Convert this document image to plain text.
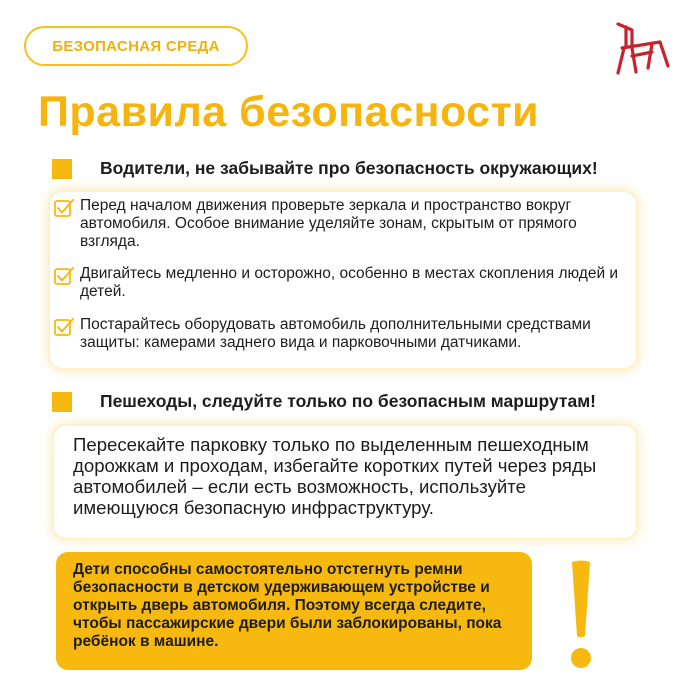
БЕЗОПАСНАЯ СРЕДА
Правила безопасности
Водители, не забывайте про безопасность окружающих!
Перед началом движения проверьте зеркала и пространство вокруг автомобиля. Особое внимание уделяйте зонам, скрытым от прямого взгляда.
Двигайтесь медленно и осторожно, особенно в местах скопления людей и детей.
Постарайтесь оборудовать автомобиль дополнительными средствами защиты: камерами заднего вида и парковочными датчиками.
Пешеходы, следуйте только по безопасным маршрутам!
Пересекайте парковку только по выделенным пешеходным дорожкам и проходам, избегайте коротких путей через ряды автомобилей – если есть возможность, используйте имеющуюся безопасную инфраструктуру.
Дети способны самостоятельно отстегнуть ремни безопасности в детском удерживающем устройстве и открыть дверь автомобиля. Поэтому всегда следите, чтобы пассажирские двери были заблокированы, пока ребёнок в машине.
